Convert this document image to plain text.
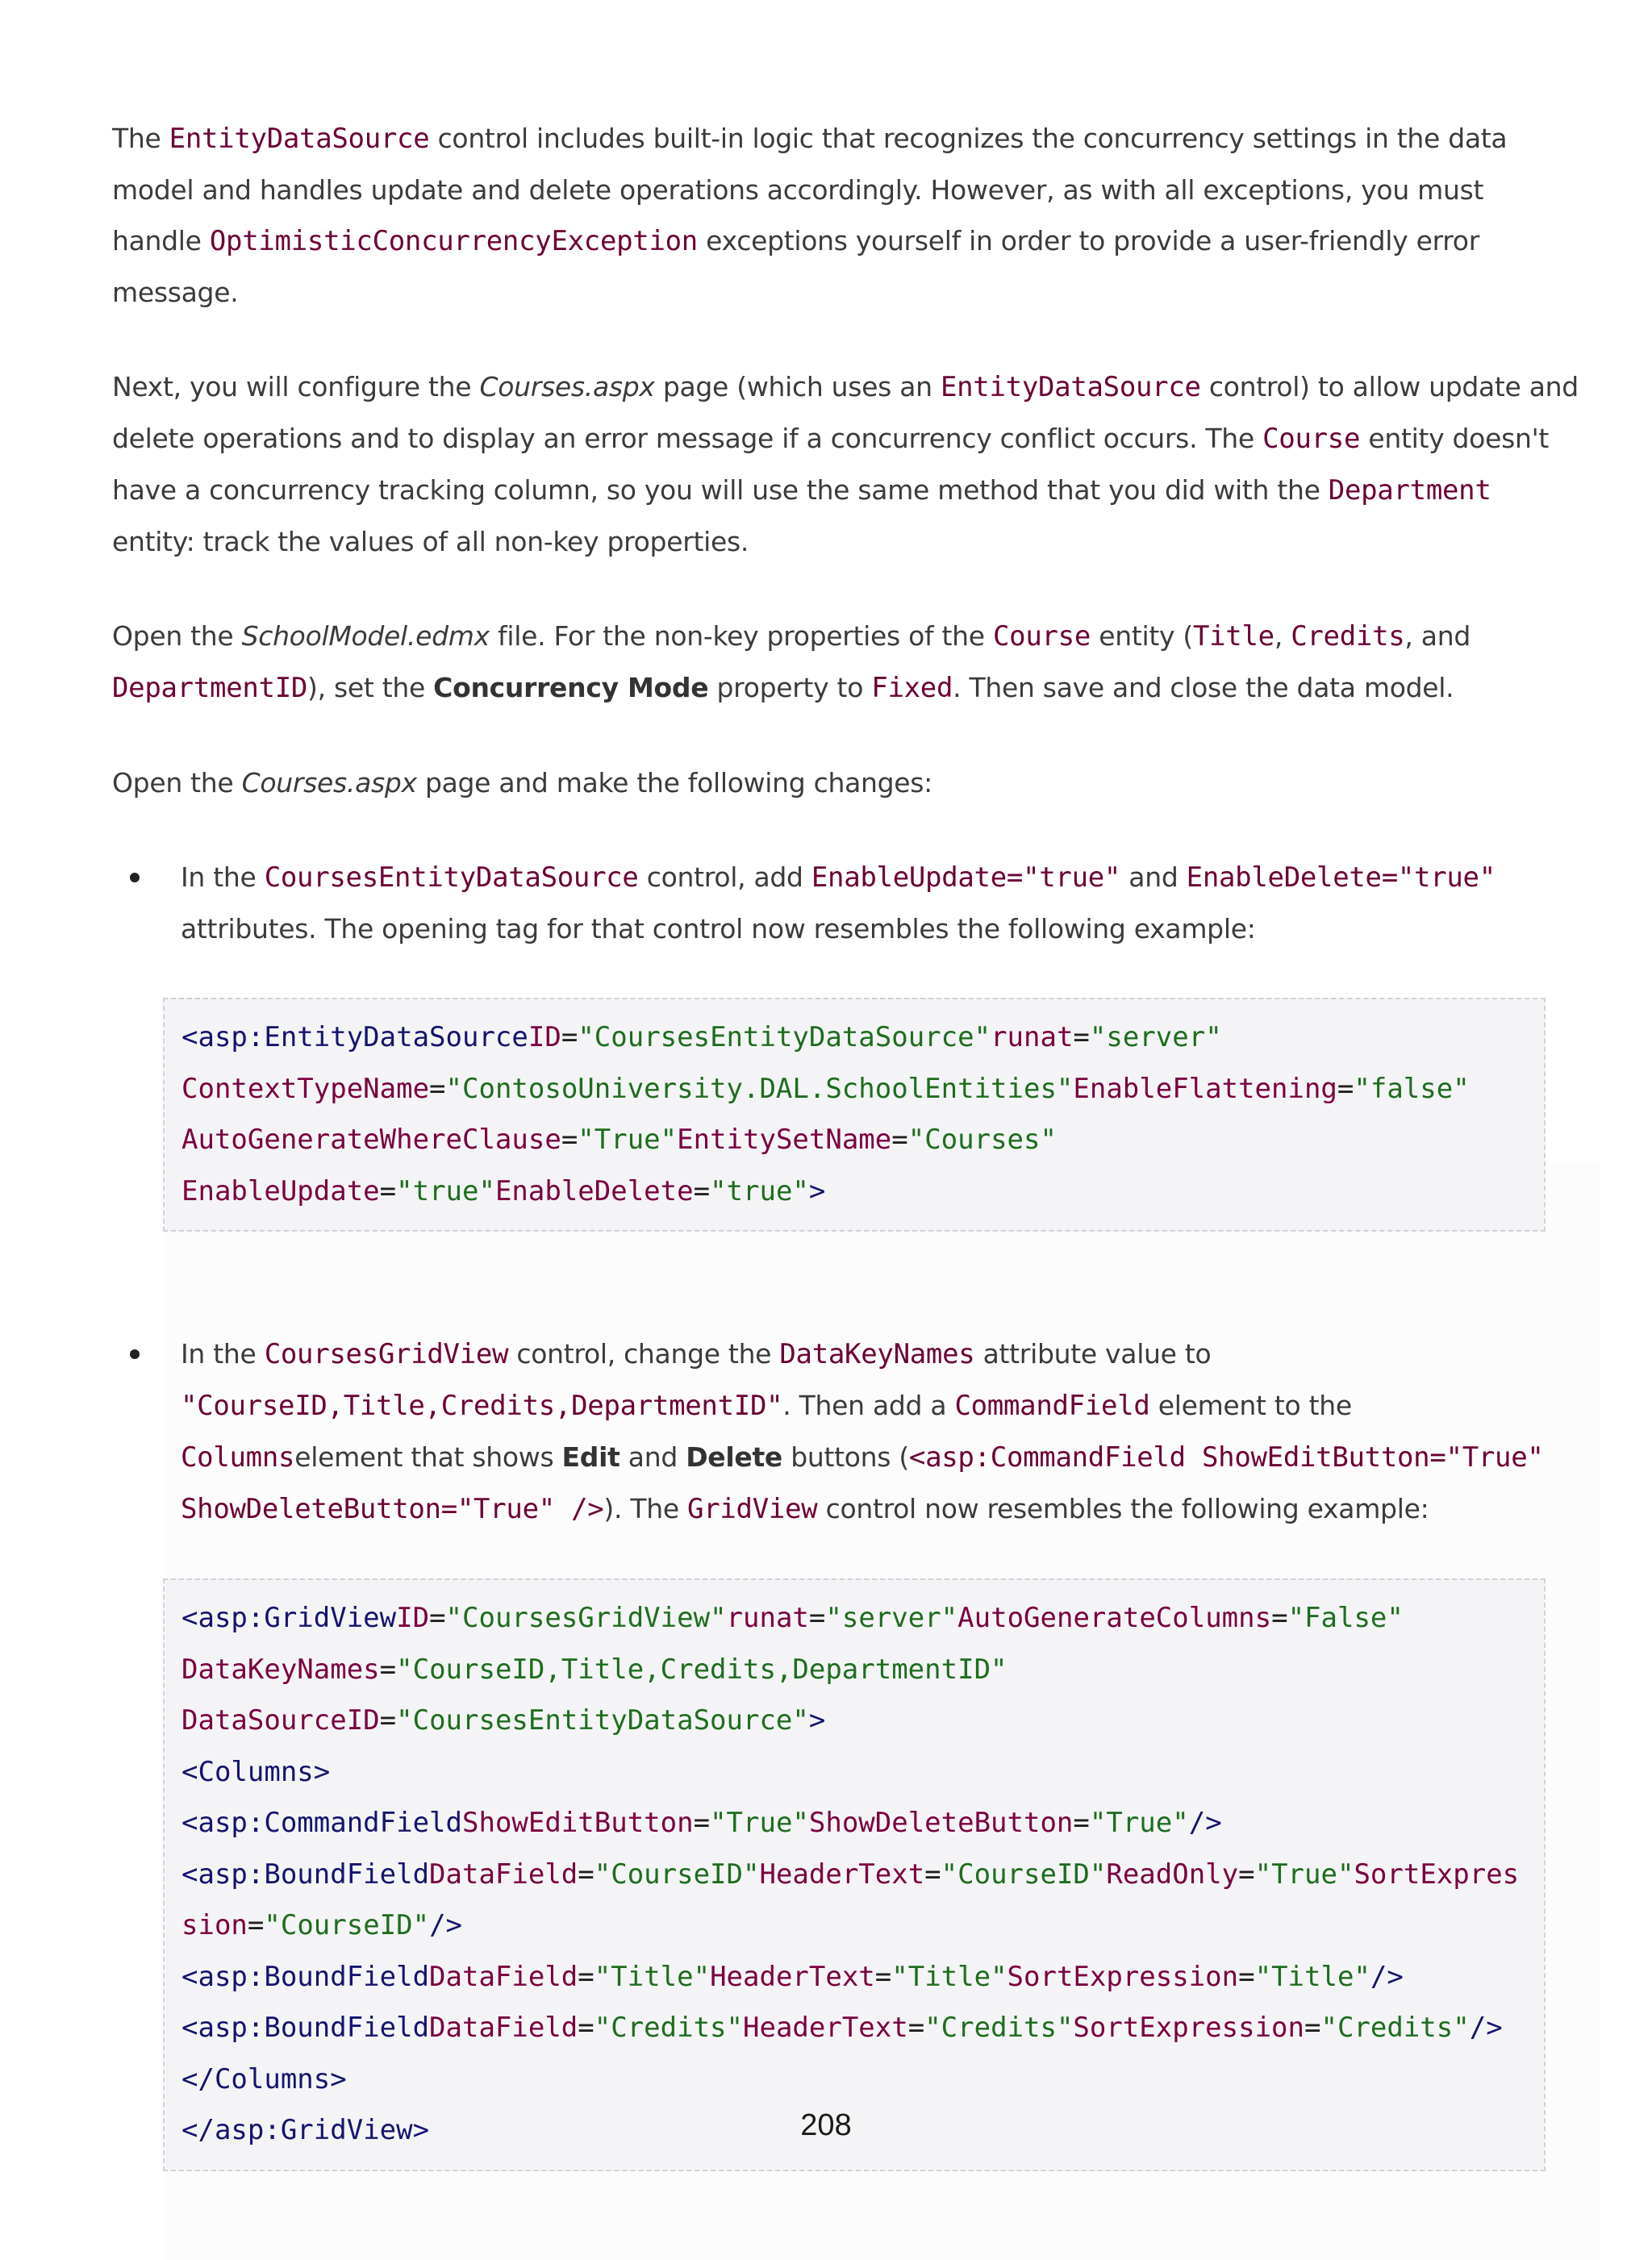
The EntityDataSource control includes built-in logic that recognizes the concurrency settings in the data model and handles update and delete operations accordingly. However, as with all exceptions, you must handle OptimisticConcurrencyException exceptions yourself in order to provide a user-friendly error message.

Next, you will configure the Courses.aspx page (which uses an EntityDataSource control) to allow update and delete operations and to display an error message if a concurrency conflict occurs. The Course entity doesn't have a concurrency tracking column, so you will use the same method that you did with the Department entity: track the values of all non-key properties.

Open the SchoolModel.edmx file. For the non-key properties of the Course entity (Title, Credits, and DepartmentID), set the Concurrency Mode property to Fixed. Then save and close the data model.

Open the Courses.aspx page and make the following changes:

In the CoursesEntityDataSource control, add EnableUpdate="true" and EnableDelete="true" attributes. The opening tag for that control now resembles the following example:

<asp:EntityDataSourceID="CoursesEntityDataSource"runat="server"
ContextTypeName="ContosoUniversity.DAL.SchoolEntities"EnableFlattening="false"
AutoGenerateWhereClause="True"EntitySetName="Courses"
EnableUpdate="true"EnableDelete="true">

In the CoursesGridView control, change the DataKeyNames attribute value to "CourseID,Title,Credits,DepartmentID". Then add a CommandField element to the Columnselement that shows Edit and Delete buttons (<asp:CommandField ShowEditButton="True" ShowDeleteButton="True" />). The GridView control now resembles the following example:

<asp:GridViewID="CoursesGridView"runat="server"AutoGenerateColumns="False"
DataKeyNames="CourseID,Title,Credits,DepartmentID"
DataSourceID="CoursesEntityDataSource">
<Columns>
<asp:CommandFieldShowEditButton="True"ShowDeleteButton="True"/>
<asp:BoundFieldDataField="CourseID"HeaderText="CourseID"ReadOnly="True"SortExpression="CourseID"/>
<asp:BoundFieldDataField="Title"HeaderText="Title"SortExpression="Title"/>
<asp:BoundFieldDataField="Credits"HeaderText="Credits"SortExpression="Credits"/>
</Columns>
</asp:GridView>	208
